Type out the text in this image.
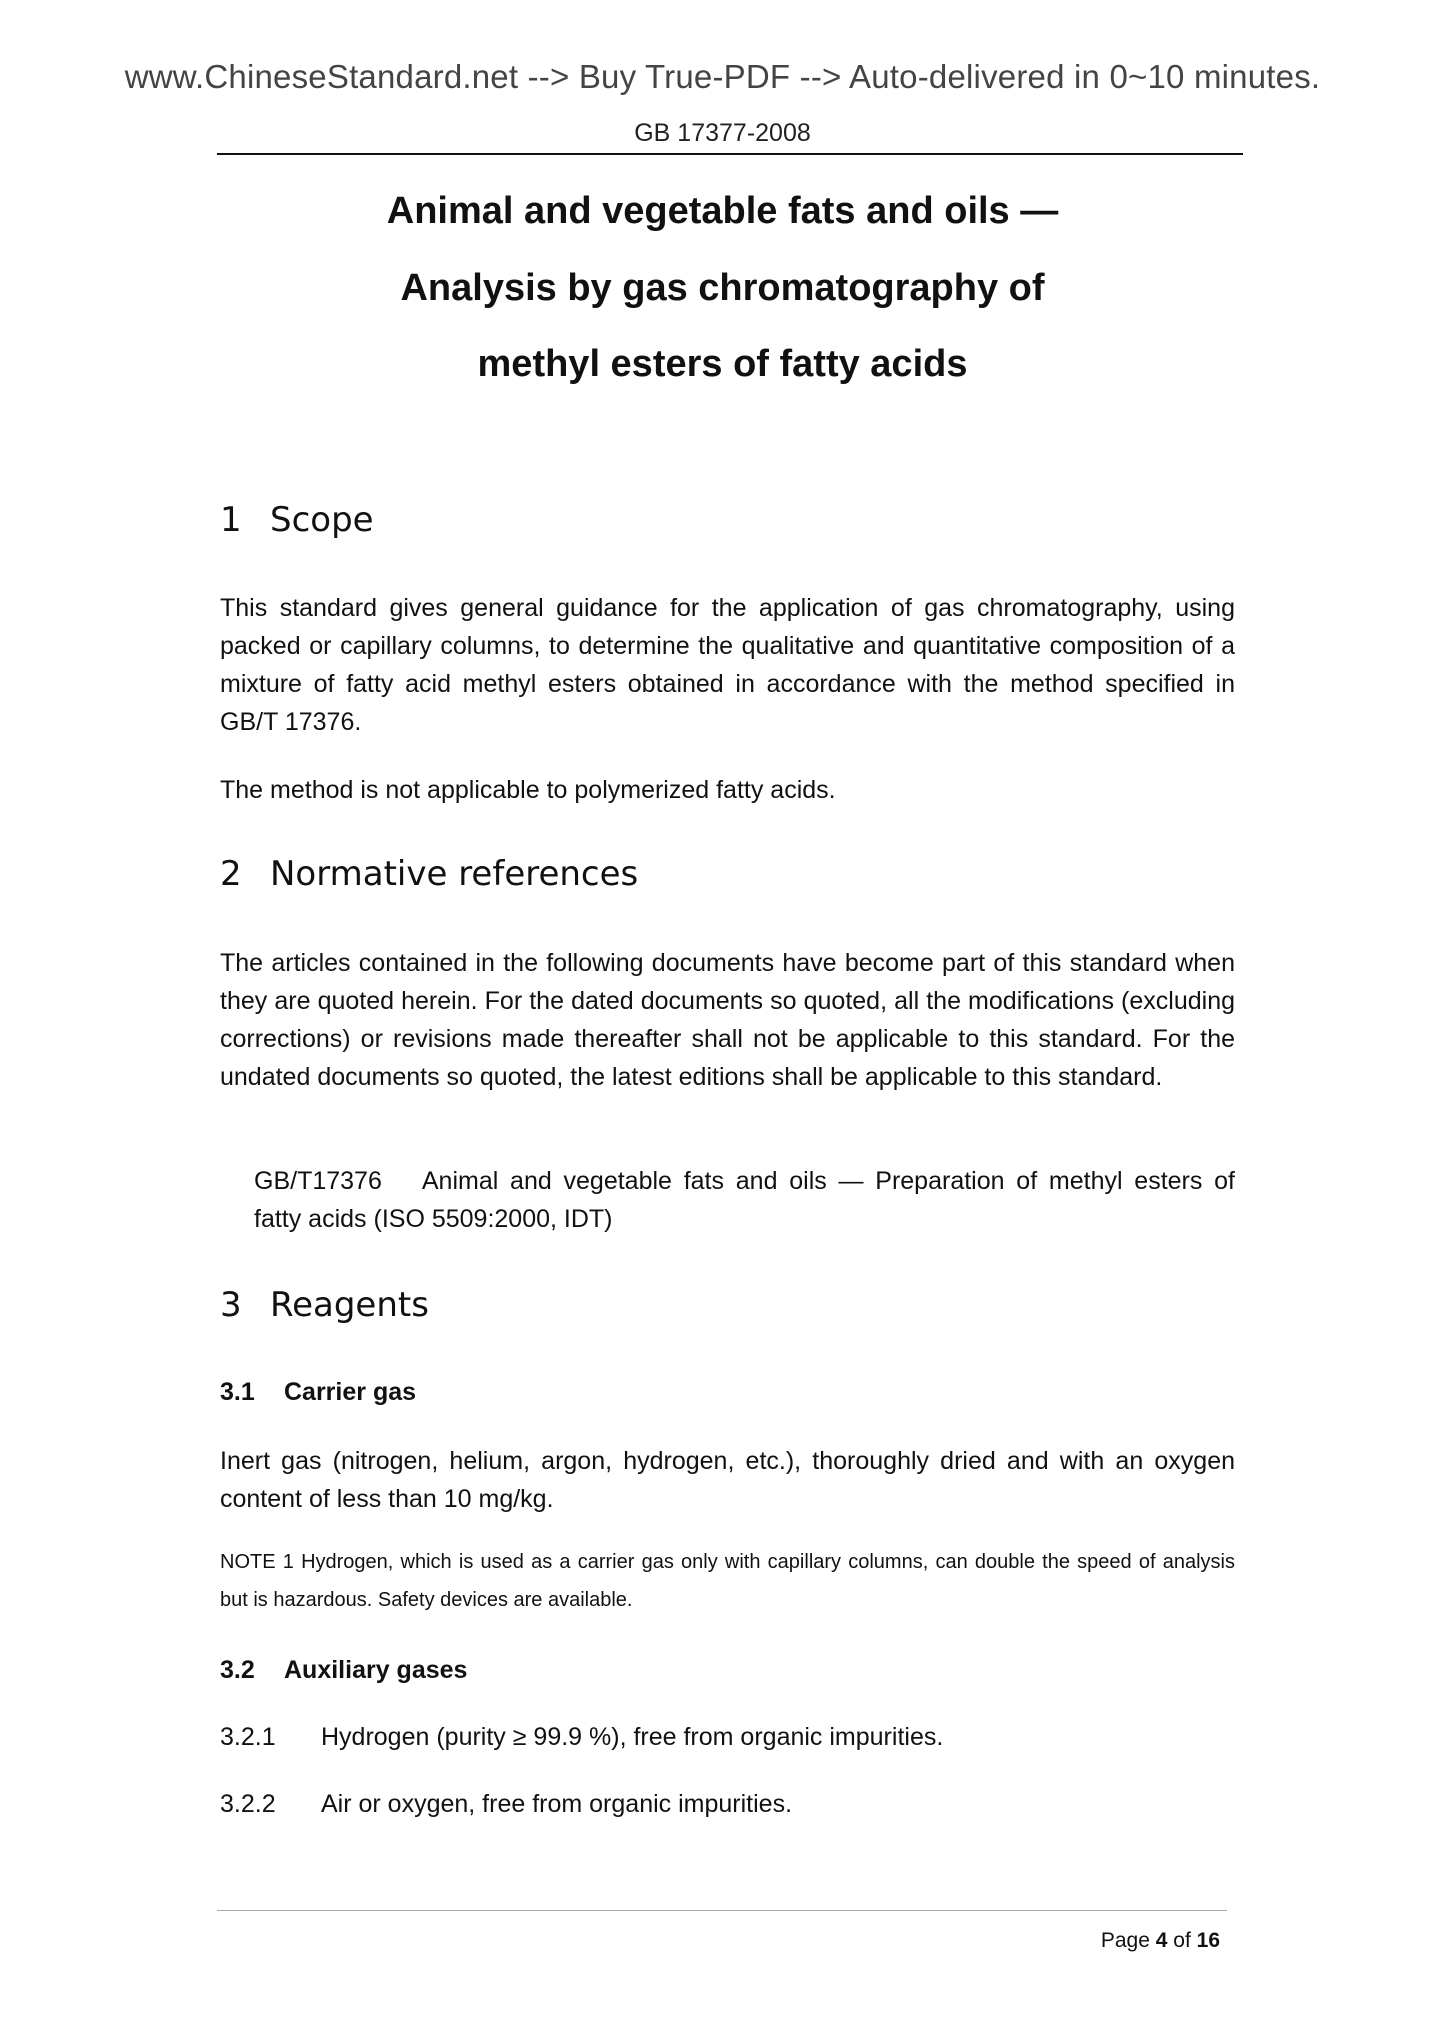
www.ChineseStandard.net --> Buy True-PDF --> Auto-delivered in 0~10 minutes.
GB 17377-2008
Animal and vegetable fats and oils —
Analysis by gas chromatography of
methyl esters of fatty acids
1 Scope
This standard gives general guidance for the application of gas chromatography, using packed or capillary columns, to determine the qualitative and quantitative composition of a mixture of fatty acid methyl esters obtained in accordance with the method specified in GB/T 17376.
The method is not applicable to polymerized fatty acids.
2 Normative references
The articles contained in the following documents have become part of this standard when they are quoted herein. For the dated documents so quoted, all the modifications (excluding corrections) or revisions made thereafter shall not be applicable to this standard. For the undated documents so quoted, the latest editions shall be applicable to this standard.
GB/T17376 Animal and vegetable fats and oils — Preparation of methyl esters of fatty acids (ISO 5509:2000, IDT)
3 Reagents
3.1 Carrier gas
Inert gas (nitrogen, helium, argon, hydrogen, etc.), thoroughly dried and with an oxygen content of less than 10 mg/kg.
NOTE 1 Hydrogen, which is used as a carrier gas only with capillary columns, can double the speed of analysis but is hazardous. Safety devices are available.
3.2 Auxiliary gases
3.2.1 Hydrogen (purity ≥ 99.9 %), free from organic impurities.
3.2.2 Air or oxygen, free from organic impurities.
Page 4 of 16
